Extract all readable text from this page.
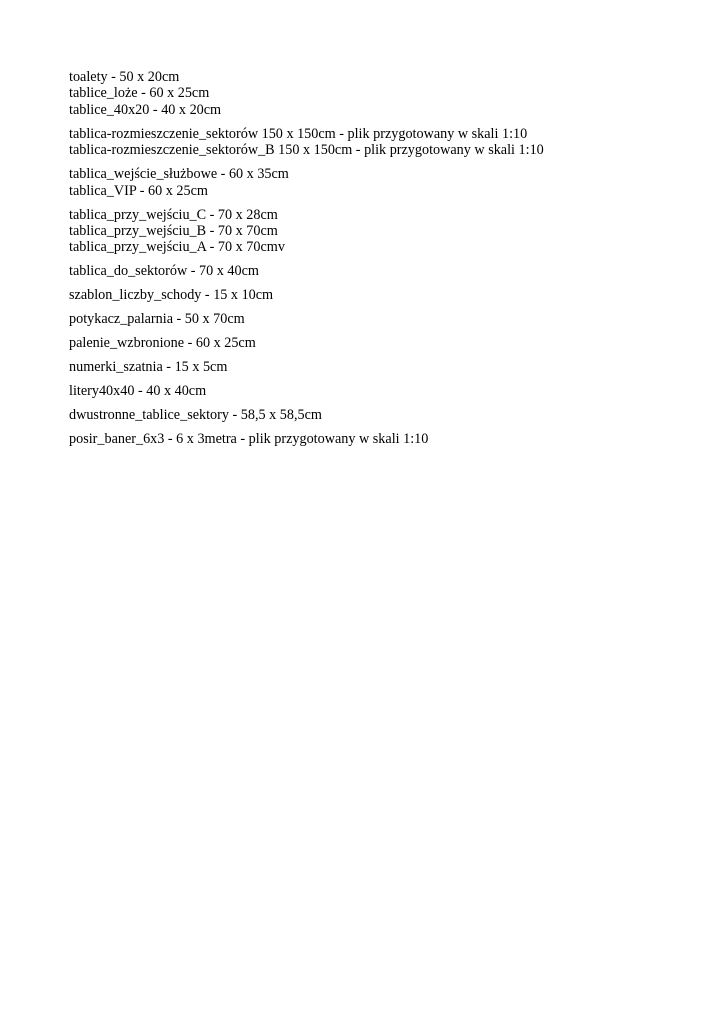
toalety - 50 x 20cm
tablice_loże - 60 x 25cm
tablice_40x20 - 40 x 20cm
tablica-rozmieszczenie_sektorów 150 x 150cm - plik przygotowany w skali 1:10
tablica-rozmieszczenie_sektorów_B 150 x 150cm - plik przygotowany w skali 1:10
tablica_wejście_służbowe - 60 x 35cm
tablica_VIP - 60 x 25cm
tablica_przy_wejściu_C - 70 x 28cm
tablica_przy_wejściu_B - 70 x 70cm
tablica_przy_wejściu_A - 70 x 70cmv
tablica_do_sektorów - 70 x 40cm
szablon_liczby_schody - 15 x 10cm
potykacz_palarnia - 50 x 70cm
palenie_wzbronione - 60 x 25cm
numerki_szatnia - 15 x 5cm
litery40x40 - 40 x 40cm
dwustronne_tablice_sektory - 58,5 x 58,5cm
posir_baner_6x3 - 6 x 3metra - plik przygotowany w skali 1:10
